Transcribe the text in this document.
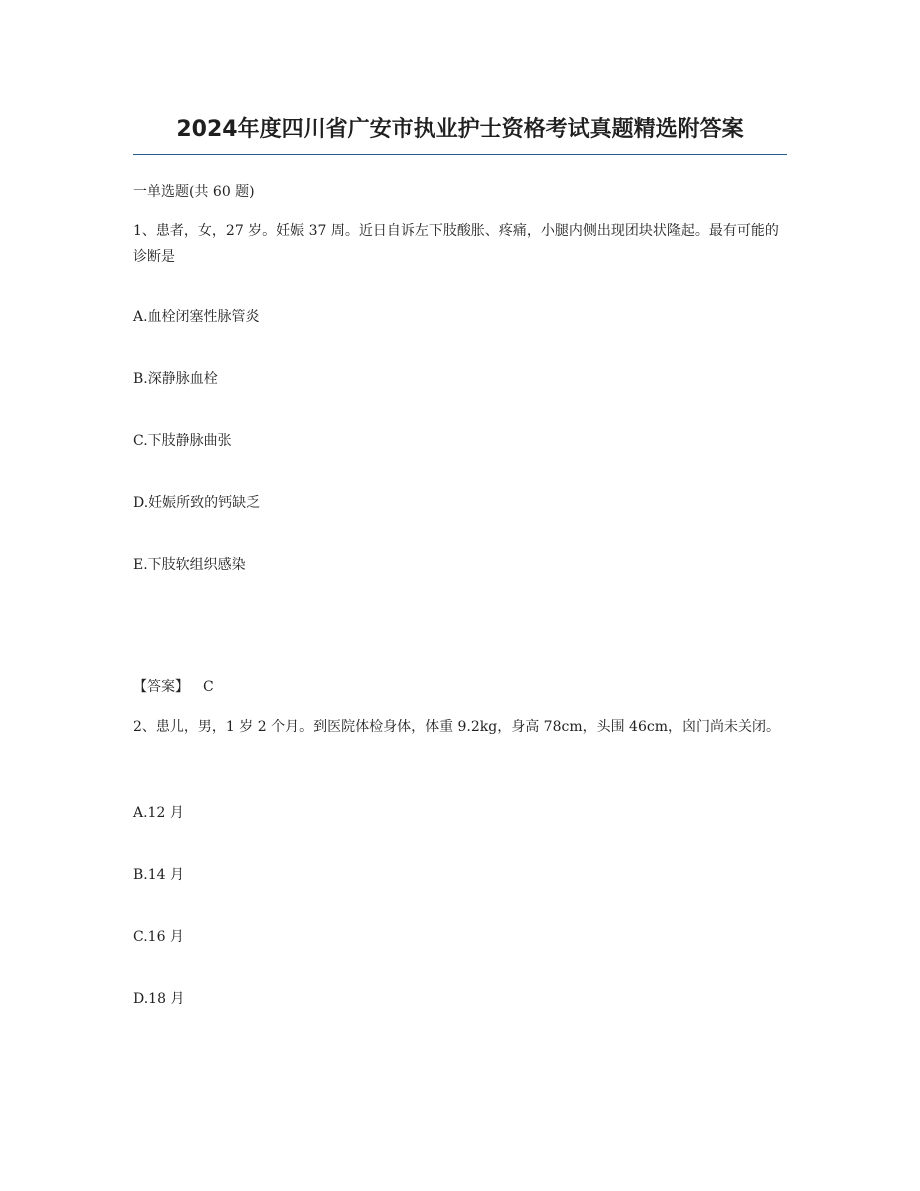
2024年度四川省广安市执业护士资格考试真题精选附答案
一单选题(共 60 题)
1、患者，女，27 岁。妊娠 37 周。近日自诉左下肢酸胀、疼痛，小腿内侧出现团块状隆起。最有可能的诊断是
A.血栓闭塞性脉管炎
B.深静脉血栓
C.下肢静脉曲张
D.妊娠所致的钙缺乏
E.下肢软组织感染
【答案】 C
2、患儿，男，1 岁 2 个月。到医院体检身体，体重 9.2kg，身高 78cm，头围 46cm，囟门尚未关闭。
A.12 月
B.14 月
C.16 月
D.18 月
